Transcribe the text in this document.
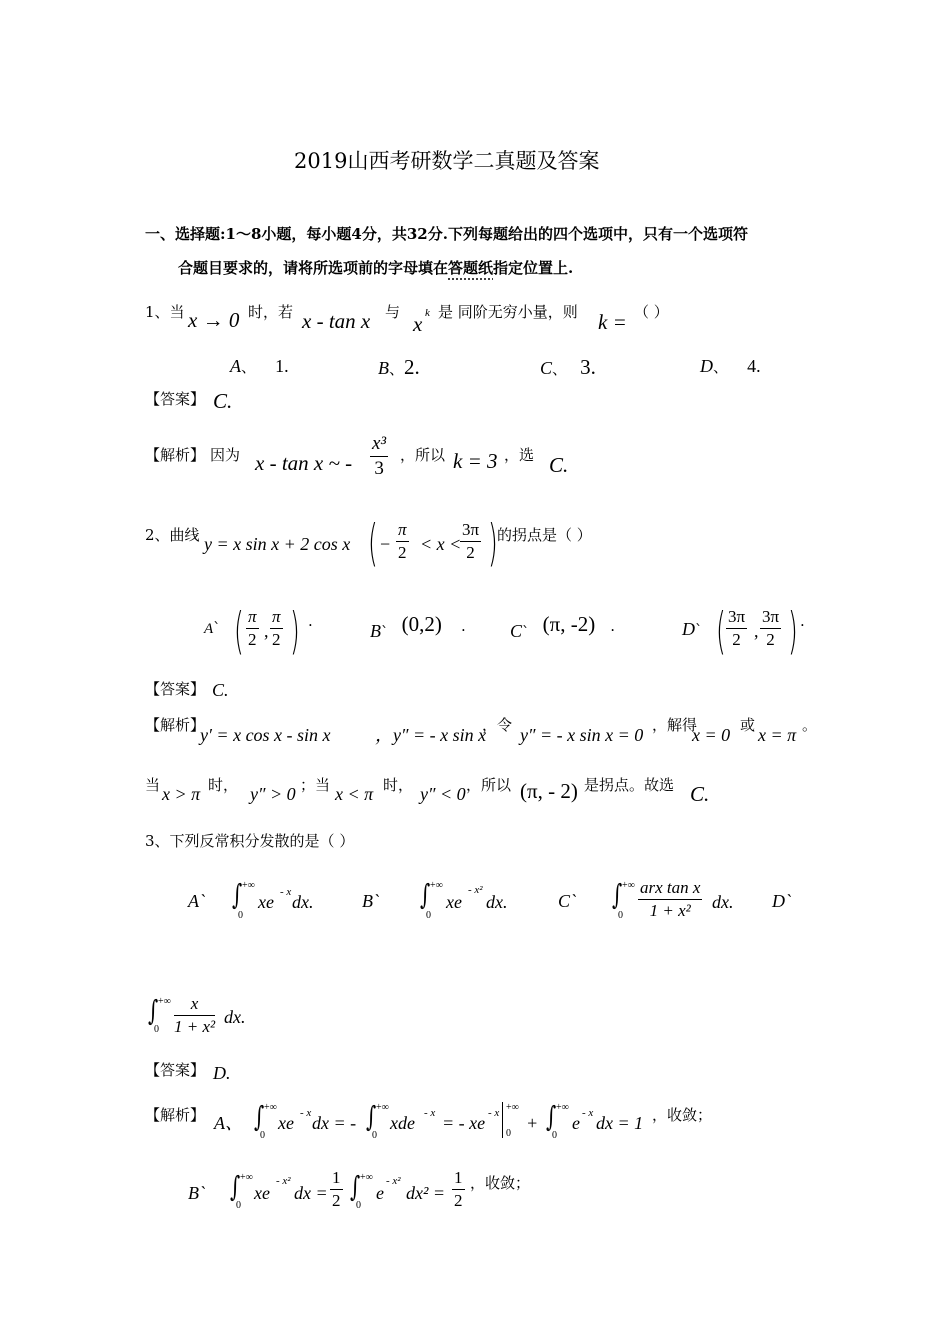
2019山西考研数学二真题及答案
一、选择题:1～8小题，每小题4分，共32分.下列每题给出的四个选项中，只有一个选项符
合题目要求的，请将所选项前的字母填在答题纸指定位置上.
1、当 x → 0 时，若 x - tan x 与 x k 是 同阶无穷小量，则 k = （ ）
A、 1.	B、2.	C、 3.	D、 4.
【答案】 C.
【解析】 因为 x - tan x ~ - $\frac{\text{x³}}{3}$ ，所以 k = 3 ，选 C.
2、曲线 y = x sin x + 2 cos x ( − $\frac{\pi}{2} < x$ <
$\frac{3\pi}{2}$ ) 的拐点是（ ）
A` ( $\frac{\pi}{2}$ , $\frac{\pi}{2}$ ) .	B` (0,2) . C` (π, -2) .	D` ( $\frac{3\pi}{2}$ , $\frac{3\pi}{2}$ ) .
【答案】 C.
【解析】
y′ = x cos x - sin x ，y″ = - x sin x
，令 y″ = - x sin x = 0 ，解得
x = 0 或 x = π 。
当 x > π 时， y″ > 0 ；当 x < π 时， y″ < 0 ，所以 (π, - 2) 是拐点。故选 C.
3、下列反常积分发散的是（ ）
A` ∫ +∞
0
xe - x dx.	B` ∫ +∞
0
xe
- x²
dx.	C` ∫ +∞
0
arx tan x
1 + x²	dx. D`
∫ +∞
$0 \frac{x}{\text{1 + x²}}$ dx.
【答案】 D.
【解析】 A、 ∫ +∞
0
xe - x dx = - ∫ +∞
0
xde - x = - xe - x +∞
0
+ ∫ +∞
0
e - x dx = 1 ，收敛；
B` ∫ +∞
0
xe
- x²
dx = $\frac{1}{2}$ ∫ +∞
0
e
- x²
$dx^2 = \frac{1}{2}$ ，收敛；
